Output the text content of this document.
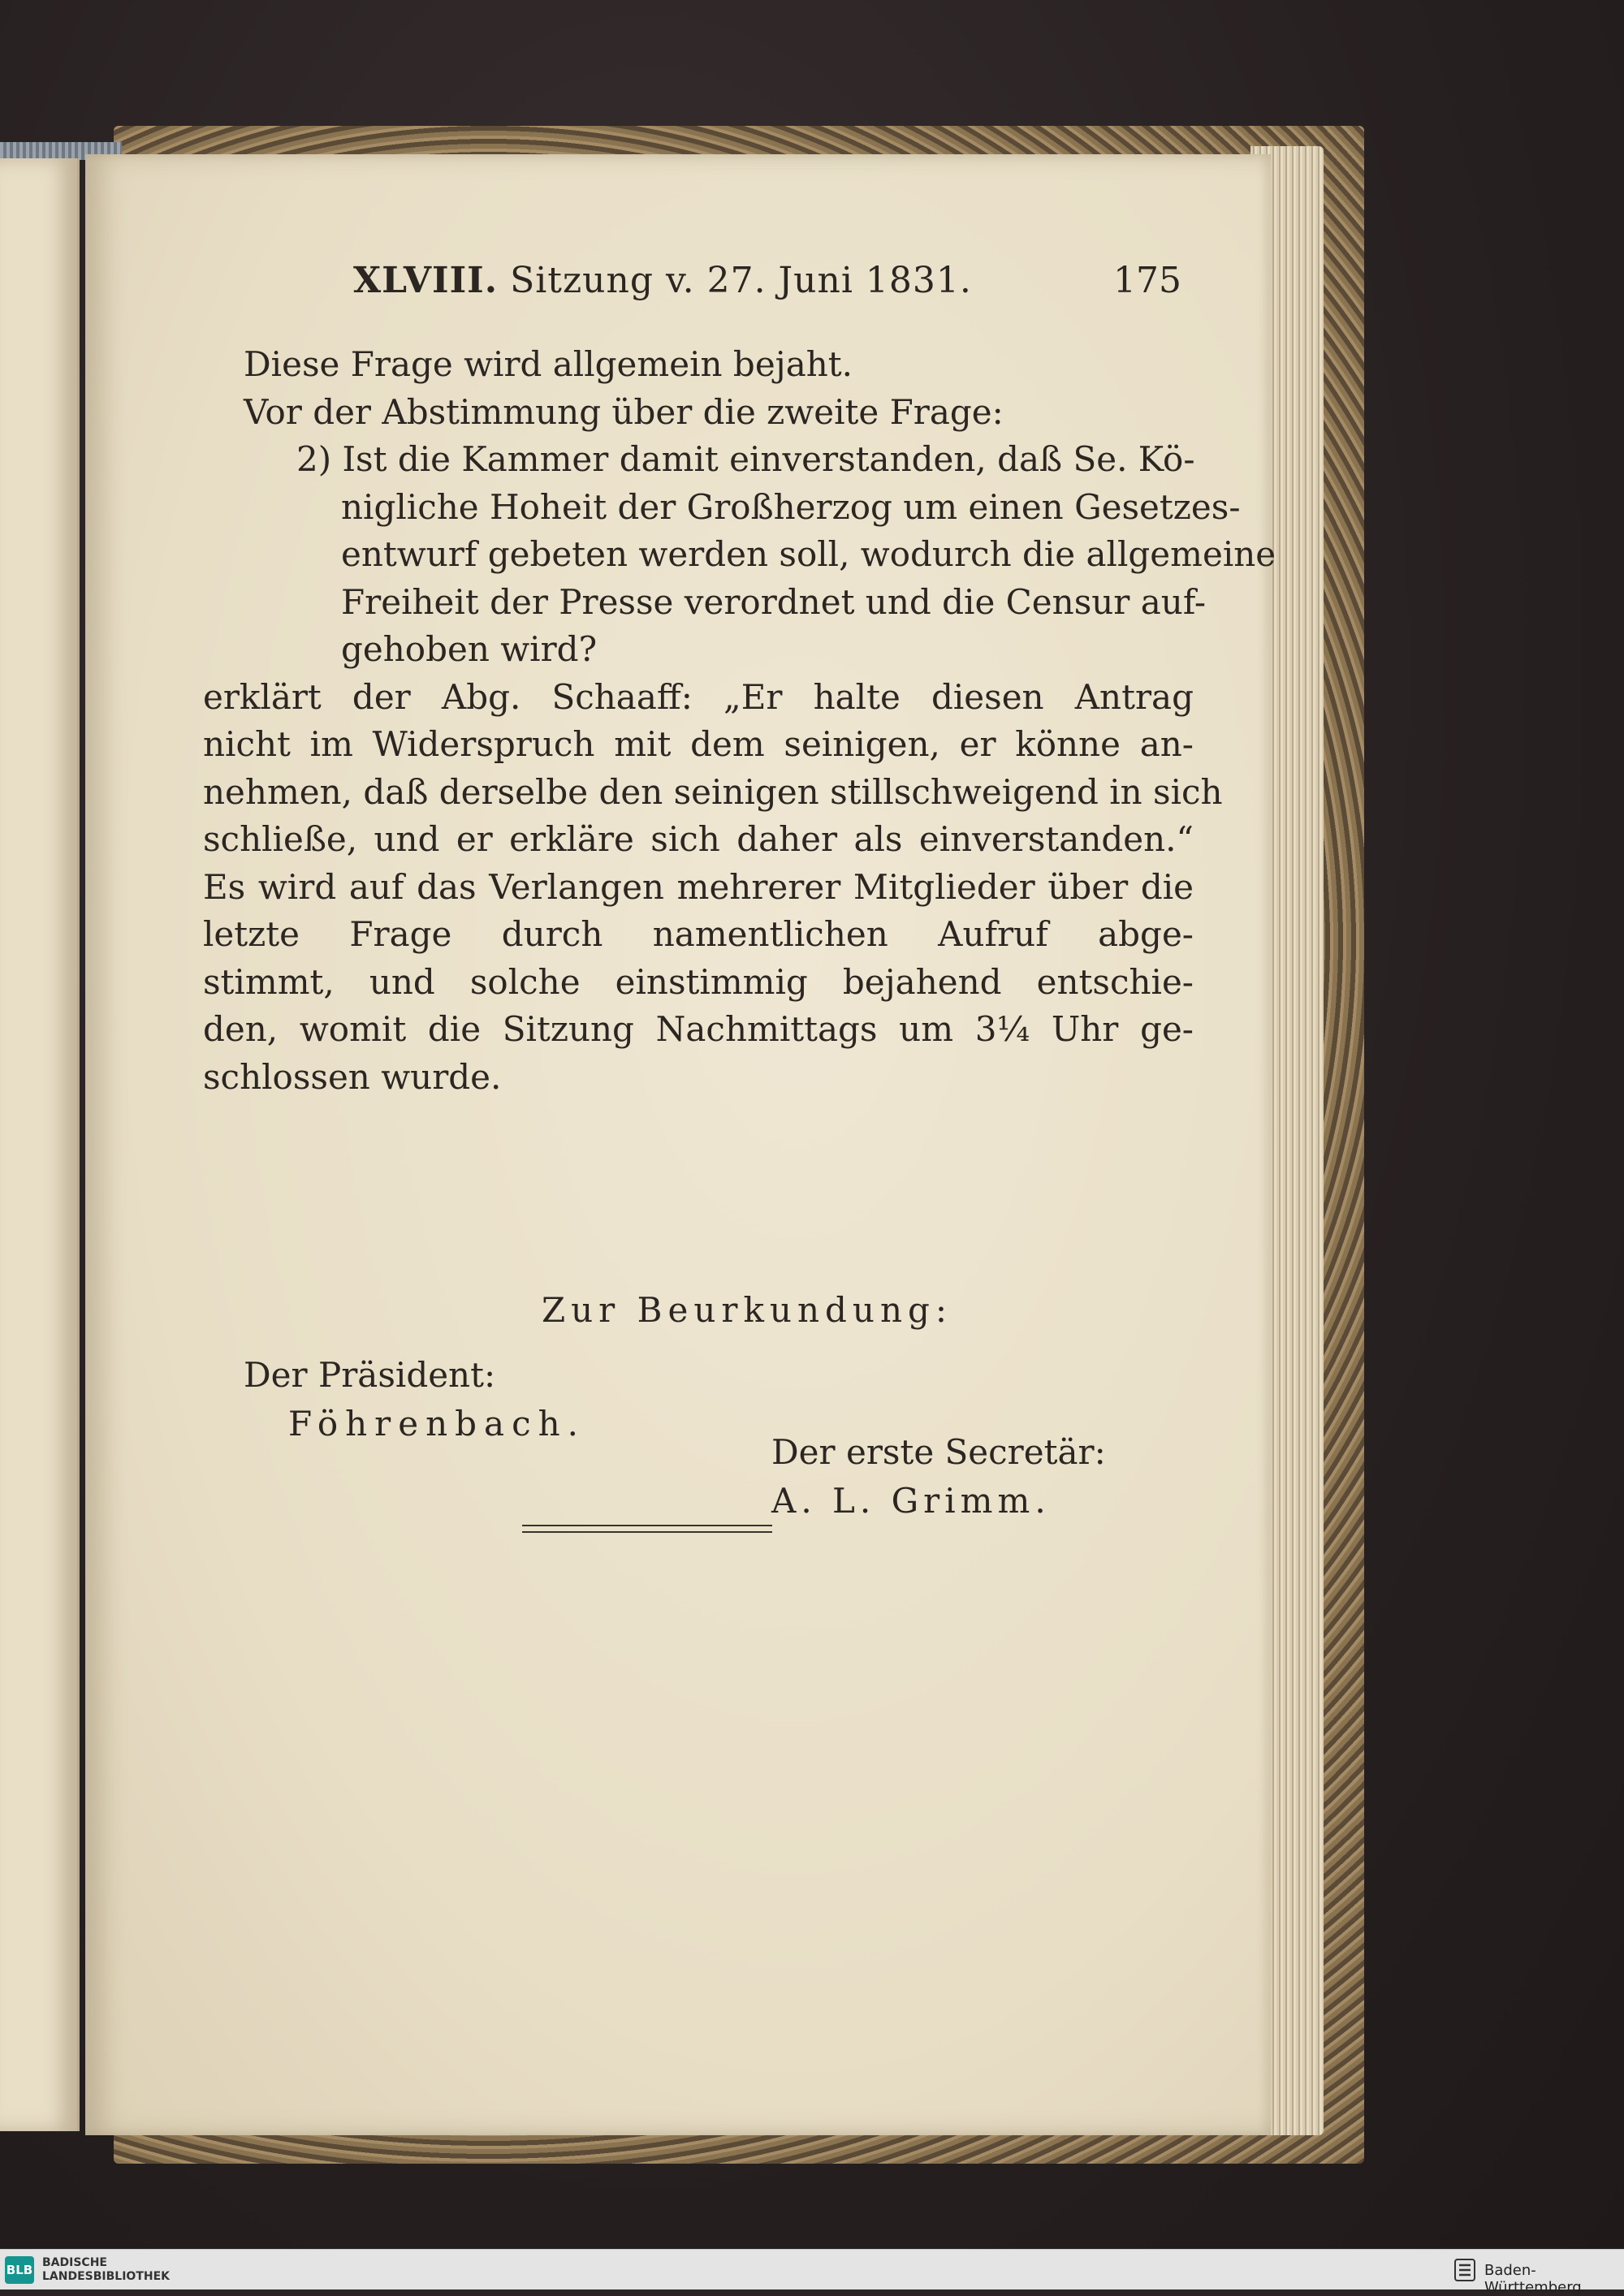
XLVIII. Sitzung v. 27. Juni 1831.	175
Diese Frage wird allgemein bejaht.
Vor der Abstimmung über die zweite Frage:
2) Ist die Kammer damit einverstanden, daß Se. Kö-
nigliche Hoheit der Großherzog um einen Gesetzes-
entwurf gebeten werden soll, wodurch die allgemeine
Freiheit der Presse verordnet und die Censur auf-
gehoben wird?
erklärt der Abg. Schaaff: „Er halte diesen Antrag
nicht im Widerspruch mit dem seinigen, er könne an-
nehmen, daß derselbe den seinigen stillschweigend in sich
schließe, und er erkläre sich daher als einverstanden.“
Es wird auf das Verlangen mehrerer Mitglieder über die
letzte Frage durch namentlichen Aufruf abge-
stimmt, und solche einstimmig bejahend entschie-
den, womit die Sitzung Nachmittags um 3¼ Uhr ge-
schlossen wurde.
Zur Beurkundung:
Der Präsident:
Föhrenbach.
Der erste Secretär:
A. L. Grimm.
BLB BADISCHE
LANDESBIBLIOTHEK	Baden-Württemberg
